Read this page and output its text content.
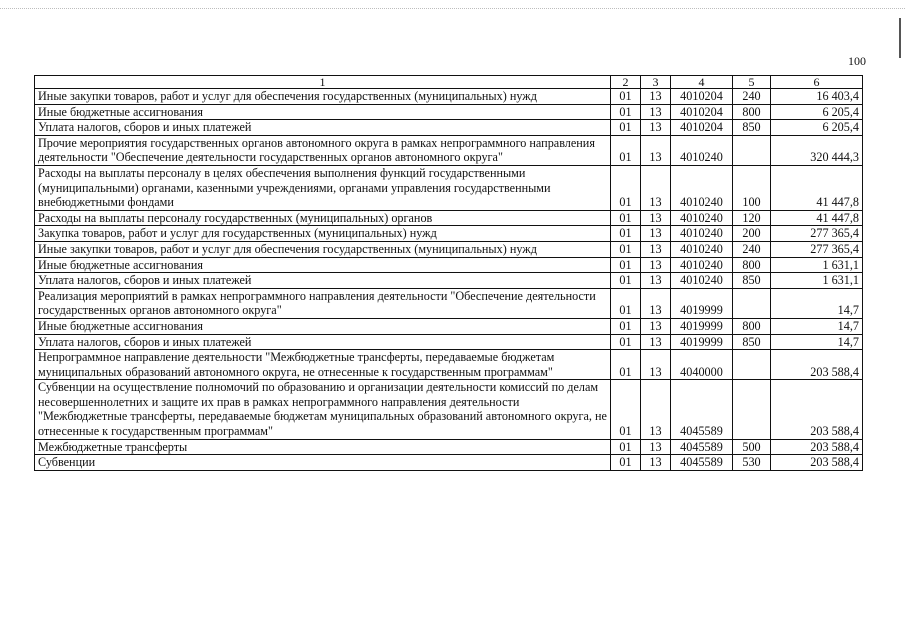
100
1	2	3	4	5	6
Иные закупки товаров, работ и услуг для обеспечения государственных (муниципальных) нужд	01	13	4010204	240	16 403,4
Иные бюджетные ассигнования	01	13	4010204	800	6 205,4
Уплата налогов, сборов и иных платежей	01	13	4010204	850	6 205,4
Прочие мероприятия государственных органов автономного округа в рамках непрограммного направления деятельности "Обеспечение деятельности государственных органов автономного округа"	01	13	4010240		320 444,3
Расходы на выплаты персоналу в целях обеспечения выполнения функций государственными (муниципальными) органами, казенными учреждениями, органами управления государственными внебюджетными фондами	01	13	4010240	100	41 447,8
Расходы на выплаты персоналу государственных (муниципальных) органов	01	13	4010240	120	41 447,8
Закупка товаров, работ и услуг для государственных (муниципальных) нужд	01	13	4010240	200	277 365,4
Иные закупки товаров, работ и услуг для обеспечения государственных (муниципальных) нужд	01	13	4010240	240	277 365,4
Иные бюджетные ассигнования	01	13	4010240	800	1 631,1
Уплата налогов, сборов и иных платежей	01	13	4010240	850	1 631,1
Реализация мероприятий в рамках непрограммного направления деятельности "Обеспечение деятельности государственных органов автономного округа"	01	13	4019999		14,7
Иные бюджетные ассигнования	01	13	4019999	800	14,7
Уплата налогов, сборов и иных платежей	01	13	4019999	850	14,7
Непрограммное направление деятельности "Межбюджетные трансферты, передаваемые бюджетам муниципальных образований автономного округа, не отнесенные к государственным программам"	01	13	4040000		203 588,4
Субвенции на осуществление полномочий по образованию и организации деятельности комиссий по делам несовершеннолетних и защите их прав в рамках непрограммного направления деятельности "Межбюджетные трансферты, передаваемые бюджетам муниципальных образований автономного округа, не отнесенные к государственным программам"	01	13	4045589		203 588,4
Межбюджетные трансферты	01	13	4045589	500	203 588,4
Субвенции	01	13	4045589	530	203 588,4
